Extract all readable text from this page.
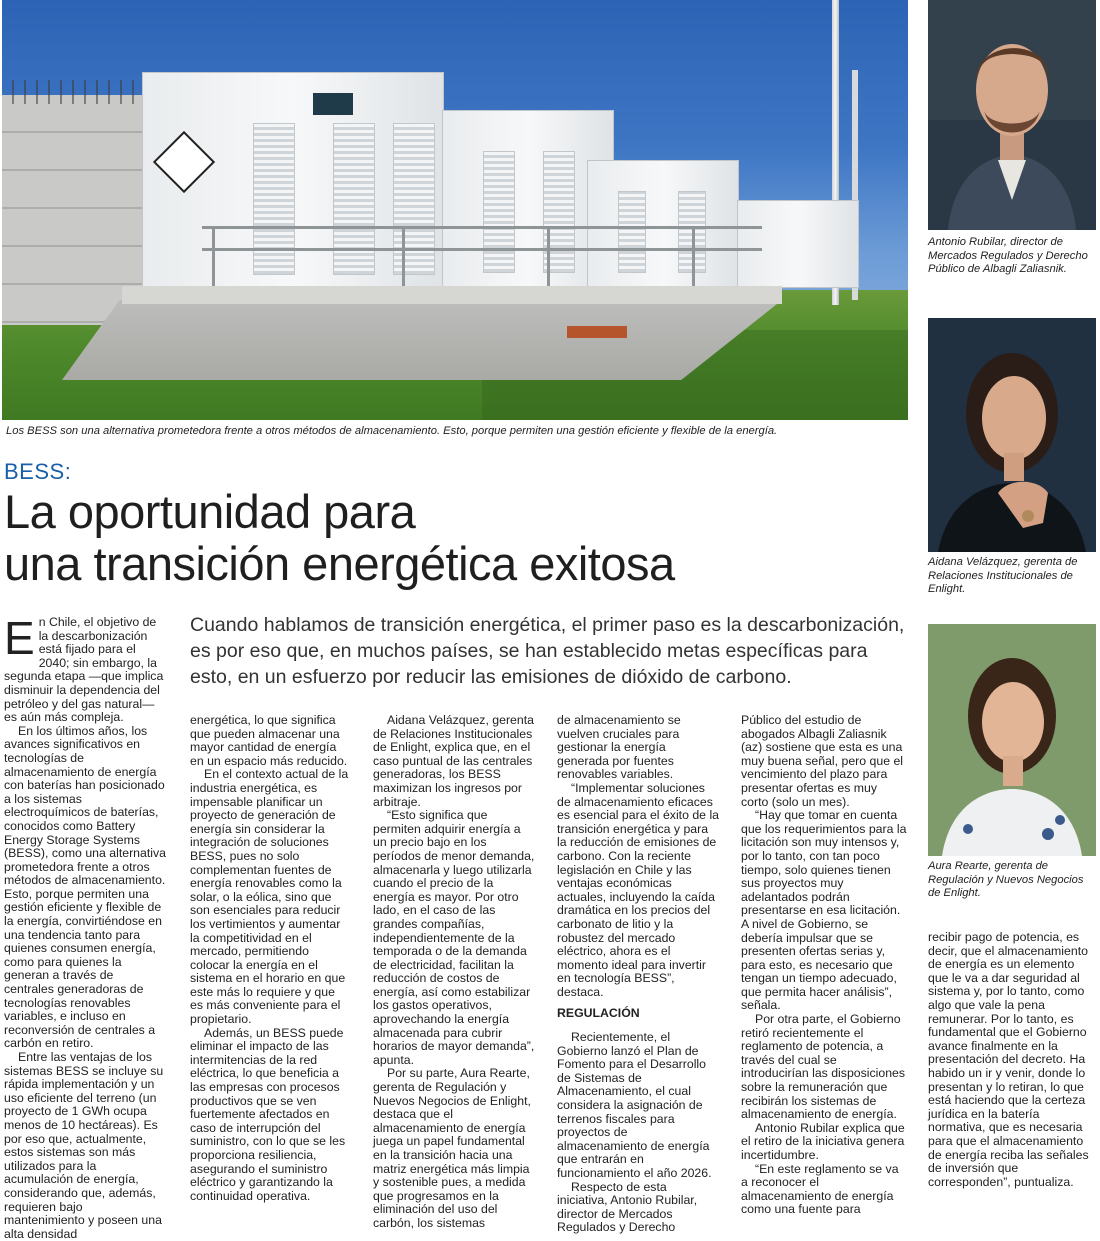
Los BESS son una alternativa prometedora frente a otros métodos de almacenamiento. Esto, porque permiten una gestión eficiente y flexible de la energía.
BESS:
La oportunidad para
una transición energética exitosa
Cuando hablamos de transición energética, el primer paso es la descarbonización, es por eso que, en muchos países, se han establecido metas específicas para esto, en un esfuerzo por reducir las emisiones de dióxido de carbono.
E n Chile, el objetivo de la descarbonización está fijado para el 2040; sin embargo, la segunda etapa —que implica disminuir la dependencia del petróleo y del gas natural— es aún más compleja.

En los últimos años, los avances significativos en tecnologías de almacenamiento de energía con baterías han posicionado a los sistemas electroquímicos de baterías, conocidos como Battery Energy Storage Systems (BESS), como una alternativa prometedora frente a otros métodos de almacenamiento. Esto, porque permiten una gestión eficiente y flexible de la energía, convirtiéndose en una tendencia tanto para quienes consumen energía, como para quienes la generan a través de centrales generadoras de tecnologías renovables variables, e incluso en reconversión de centrales a carbón en retiro.

Entre las ventajas de los sistemas BESS se incluye su rápida implementación y un uso eficiente del terreno (un proyecto de 1 GWh ocupa menos de 10 hectáreas). Es por eso que, actualmente, estos sistemas son más utilizados para la acumulación de energía, considerando que, además, requieren bajo mantenimiento y poseen una alta densidad

energética, lo que significa que pueden almacenar una mayor cantidad de energía en un espacio más reducido.

En el contexto actual de la industria energética, es impensable planificar un proyecto de generación de energía sin considerar la integración de soluciones BESS, pues no solo complementan fuentes de energía renovables como la solar, o la eólica, sino que son esenciales para reducir los vertimientos y aumentar la competitividad en el mercado, permitiendo colocar la energía en el sistema en el horario en que este más lo requiere y que es más conveniente para el propietario.

Además, un BESS puede eliminar el impacto de las intermitencias de la red eléctrica, lo que beneficia a las empresas con procesos productivos que se ven fuertemente afectados en caso de interrupción del suministro, con lo que se les proporciona resiliencia, asegurando el suministro eléctrico y garantizando la continuidad operativa.

Aidana Velázquez, gerenta de Relaciones Institucionales de Enlight, explica que, en el caso puntual de las centrales generadoras, los BESS maximizan los ingresos por arbitraje.

“Esto significa que permiten adquirir energía a un precio bajo en los períodos de menor demanda, almacenarla y luego utilizarla cuando el precio de la energía es mayor. Por otro lado, en el caso de las grandes compañías, independientemente de la temporada o de la demanda de electricidad, facilitan la reducción de costos de energía, así como estabilizar los gastos operativos, aprovechando la energía almacenada para cubrir horarios de mayor demanda”, apunta.

Por su parte, Aura Rearte, gerenta de Regulación y Nuevos Negocios de Enlight, destaca que el almacenamiento de energía juega un papel fundamental en la transición hacia una matriz energética más limpia y sostenible pues, a medida que progresamos en la eliminación del uso del carbón, los sistemas

de almacenamiento se vuelven cruciales para gestionar la energía generada por fuentes renovables variables.

“Implementar soluciones de almacenamiento eficaces es esencial para el éxito de la transición energética y para la reducción de emisiones de carbono. Con la reciente legislación en Chile y las ventajas económicas actuales, incluyendo la caída dramática en los precios del carbonato de litio y la robustez del mercado eléctrico, ahora es el momento ideal para invertir en tecnología BESS”, destaca.

REGULACIÓN

Recientemente, el Gobierno lanzó el Plan de Fomento para el Desarrollo de Sistemas de Almacenamiento, el cual considera la asignación de terrenos fiscales para proyectos de almacenamiento de energía que entrarán en funcionamiento el año 2026.

Respecto de esta iniciativa, Antonio Rubilar, director de Mercados Regulados y Derecho

Público del estudio de abogados Albagli Zaliasnik (az) sostiene que esta es una muy buena señal, pero que el vencimiento del plazo para presentar ofertas es muy corto (solo un mes).

“Hay que tomar en cuenta que los requerimientos para la licitación son muy intensos y, por lo tanto, con tan poco tiempo, solo quienes tienen sus proyectos muy adelantados podrán presentarse en esa licitación. A nivel de Gobierno, se debería impulsar que se presenten ofertas serias y, para esto, es necesario que tengan un tiempo adecuado, que permita hacer análisis”, señala.

Por otra parte, el Gobierno retiró recientemente el reglamento de potencia, a través del cual se introducirían las disposiciones sobre la remuneración que recibirán los sistemas de almacenamiento de energía.

Antonio Rubilar explica que el retiro de la iniciativa genera incertidumbre.

“En este reglamento se va a reconocer el almacenamiento de energía como una fuente para

recibir pago de potencia, es decir, que el almacenamiento de energía es un elemento que le va a dar seguridad al sistema y, por lo tanto, como algo que vale la pena remunerar. Por lo tanto, es fundamental que el Gobierno avance finalmente en la presentación del decreto. Ha habido un ir y venir, donde lo presentan y lo retiran, lo que está haciendo que la certeza jurídica en la batería normativa, que es necesaria para que el almacenamiento de energía reciba las señales de inversión que corresponden”, puntualiza.

Antonio Rubilar, director de Mercados Regulados y Derecho Público de Albagli Zaliasnik.
Aidana Velázquez, gerenta de Relaciones Institucionales de Enlight.
Aura Rearte, gerenta de Regulación y Nuevos Negocios de Enlight.
